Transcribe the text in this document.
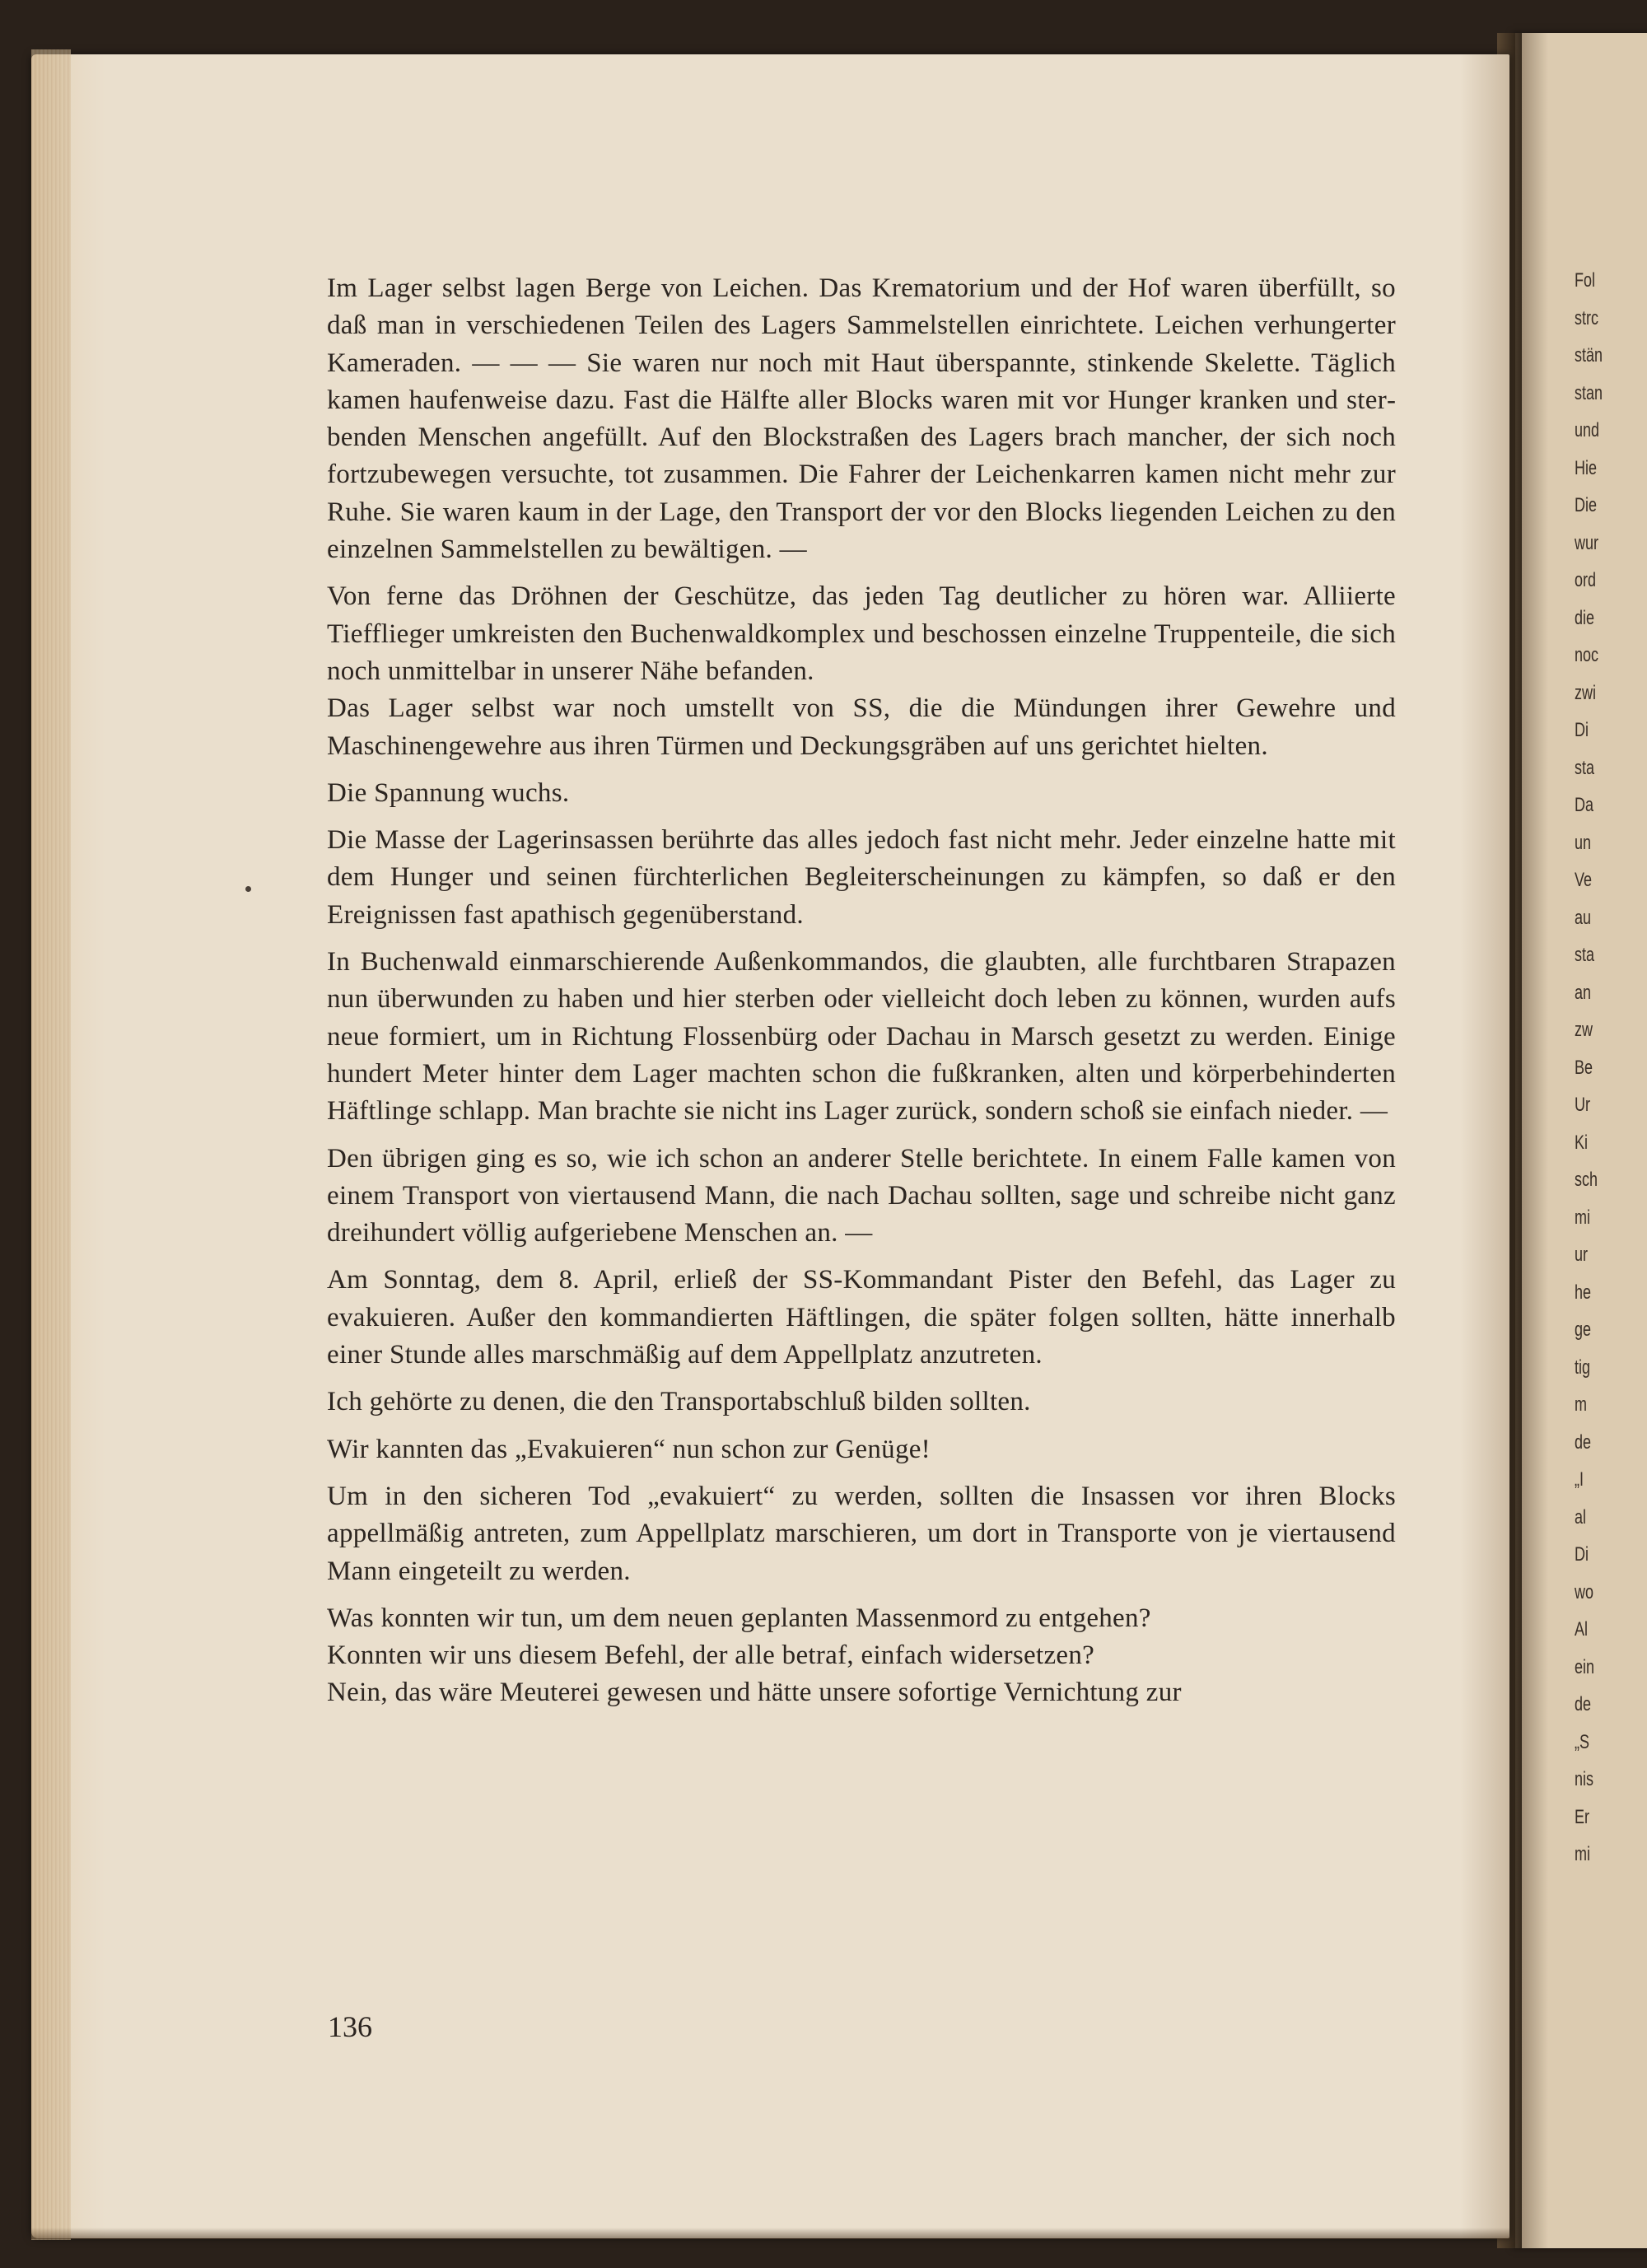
Im Lager selbst lagen Berge von Leichen. Das Krematorium und der Hof waren überfüllt, so daß man in verschiedenen Teilen des Lagers Sammelstellen einrichtete. Leichen verhungerter Kameraden. — — — Sie waren nur noch mit Haut überspannte, stinkende Skelette. Täglich kamen haufenweise dazu. Fast die Hälfte aller Blocks waren mit vor Hunger kranken und sterbenden Menschen angefüllt. Auf den Blockstraßen des Lagers brach mancher, der sich noch fortzubewegen versuchte, tot zusammen. Die Fahrer der Leichenkarren kamen nicht mehr zur Ruhe. Sie waren kaum in der Lage, den Transport der vor den Blocks liegenden Leichen zu den einzelnen Sammelstellen zu bewältigen. —

Von ferne das Dröhnen der Geschütze, das jeden Tag deutlicher zu hören war. Alliierte Tiefflieger umkreisten den Buchenwaldkomplex und beschossen einzelne Truppenteile, die sich noch unmittelbar in unserer Nähe befanden.

Das Lager selbst war noch umstellt von SS, die die Mündungen ihrer Gewehre und Maschinengewehre aus ihren Türmen und Deckungsgräben auf uns gerichtet hielten.

Die Spannung wuchs.

Die Masse der Lagerinsassen berührte das alles jedoch fast nicht mehr. Jeder einzelne hatte mit dem Hunger und seinen fürchterlichen Begleiterscheinungen zu kämpfen, so daß er den Ereignissen fast apathisch gegenüberstand.

In Buchenwald einmarschierende Außenkommandos, die glaubten, alle furchtbaren Strapazen nun überwunden zu haben und hier sterben oder vielleicht doch leben zu können, wurden aufs neue formiert, um in Richtung Flossenbürg oder Dachau in Marsch gesetzt zu werden. Einige hundert Meter hinter dem Lager machten schon die fußkranken, alten und körperbehinderten Häftlinge schlapp. Man brachte sie nicht ins Lager zurück, sondern schoß sie einfach nieder. —

Den übrigen ging es so, wie ich schon an anderer Stelle berichtete. In einem Falle kamen von einem Transport von viertausend Mann, die nach Dachau sollten, sage und schreibe nicht ganz dreihundert völlig aufgeriebene Menschen an. —

Am Sonntag, dem 8. April, erließ der SS-Kommandant Pister den Befehl, das Lager zu evakuieren. Außer den kommandierten Häftlingen, die später folgen sollten, hätte innerhalb einer Stunde alles marschmäßig auf dem Appellplatz anzutreten.

Ich gehörte zu denen, die den Transportabschluß bilden sollten.

Wir kannten das „Evakuieren“ nun schon zur Genüge!

Um in den sicheren Tod „evakuiert“ zu werden, sollten die Insassen vor ihren Blocks appellmäßig antreten, zum Appellplatz marschieren, um dort in Transporte von je viertausend Mann eingeteilt zu werden.

Was konnten wir tun, um dem neuen geplanten Massenmord zu entgehen?

Konnten wir uns diesem Befehl, der alle betraf, einfach widersetzen?

Nein, das wäre Meuterei gewesen und hätte unsere sofortige Vernichtung zur

136
Fol
strc
stän
stan
und
Hie
Die
wur
ord
die
noc
zwi
Di
sta
Da
un
Ve
au
sta
an
zw
Be
Ur
Ki
sch
mi
ur
he
ge
tig
m
de
„I
al
Di
wo
Al
ein
de
„S
nis
Er
mi
